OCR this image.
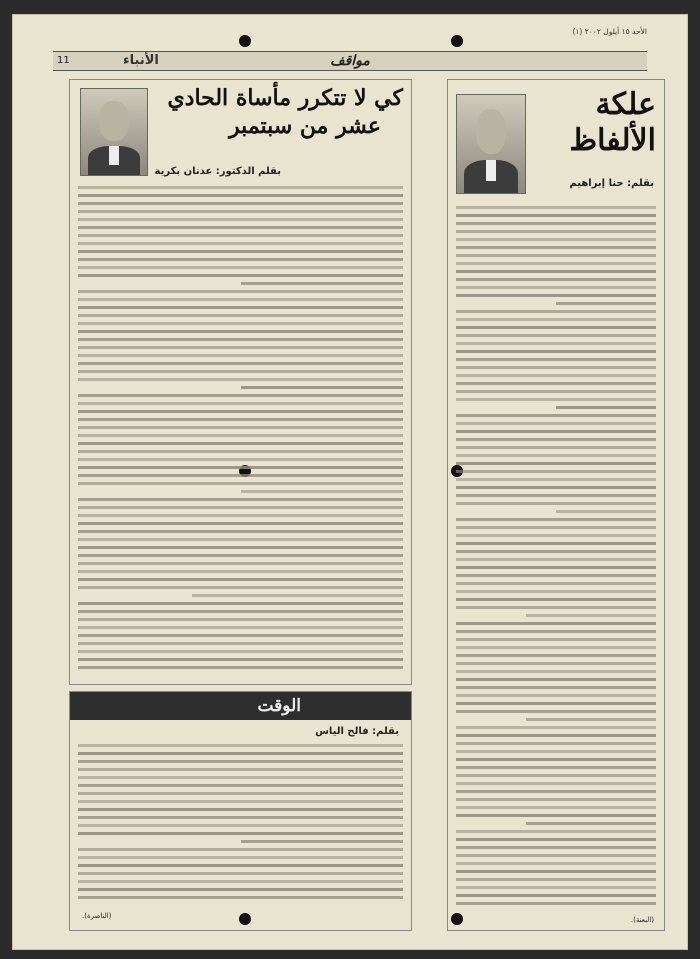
الأحد ١٥ أيلول ٢٠٠٢ (١)
11	الأنباء	مواقف
علكة
الألفاظ
بقلم: حنا إبراهيم
(البعنة).
كي لا تتكرر مأساة الحادي
عشر من سبتمبر
بقلم الدكتور: عدنان بكرية
الوقت
بقلم: فالح الياس
(الناصرة).
